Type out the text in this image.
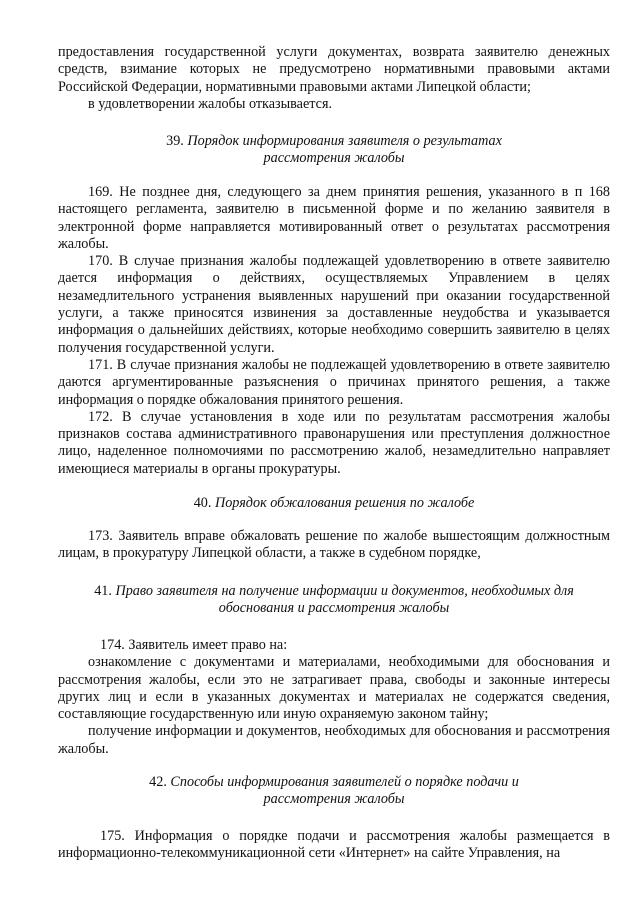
предоставления государственной услуги документах, возврата заявителю денежных средств, взимание которых не предусмотрено нормативными правовыми актами Российской Федерации, нормативными правовыми актами Липецкой области;

в удовлетворении жалобы отказывается.

39. Порядок информирования заявителя о результатах
рассмотрения жалобы

169. Не позднее дня, следующего за днем принятия решения, указанного в п 168 настоящего регламента, заявителю в письменной форме и по желанию заявителя в электронной форме направляется мотивированный ответ о результатах рассмотрения жалобы.

170. В случае признания жалобы подлежащей удовлетворению в ответе заявителю дается информация о действиях, осуществляемых Управлением в целях незамедлительного устранения выявленных нарушений при оказании государственной услуги, а также приносятся извинения за доставленные неудобства и указывается информация о дальнейших действиях, которые необходимо совершить заявителю в целях получения государственной услуги.

171. В случае признания жалобы не подлежащей удовлетворению в ответе заявителю даются аргументированные разъяснения о причинах принятого решения, а также информация о порядке обжалования принятого решения.

172. В случае установления в ходе или по результатам рассмотрения жалобы признаков состава административного правонарушения или преступления должностное лицо, наделенное полномочиями по рассмотрению жалоб, незамедлительно направляет имеющиеся материалы в органы прокуратуры.

40. Порядок обжалования решения по жалобе

173. Заявитель вправе обжаловать решение по жалобе вышестоящим должностным лицам, в прокуратуру Липецкой области, а также в судебном порядке,

41. Право заявителя на получение информации и документов, необходимых для
обоснования и рассмотрения жалобы

174. Заявитель имеет право на:

ознакомление с документами и материалами, необходимыми для обоснования и рассмотрения жалобы, если это не затрагивает права, свободы и законные интересы других лиц и если в указанных документах и материалах не содержатся сведения, составляющие государственную или иную охраняемую законом тайну;

получение информации и документов, необходимых для обоснования и рассмотрения жалобы.

42. Способы информирования заявителей о порядке подачи и
рассмотрения жалобы

175. Информация о порядке подачи и рассмотрения жалобы размещается в информационно-телекоммуникационной сети «Интернет» на сайте Управления, на
